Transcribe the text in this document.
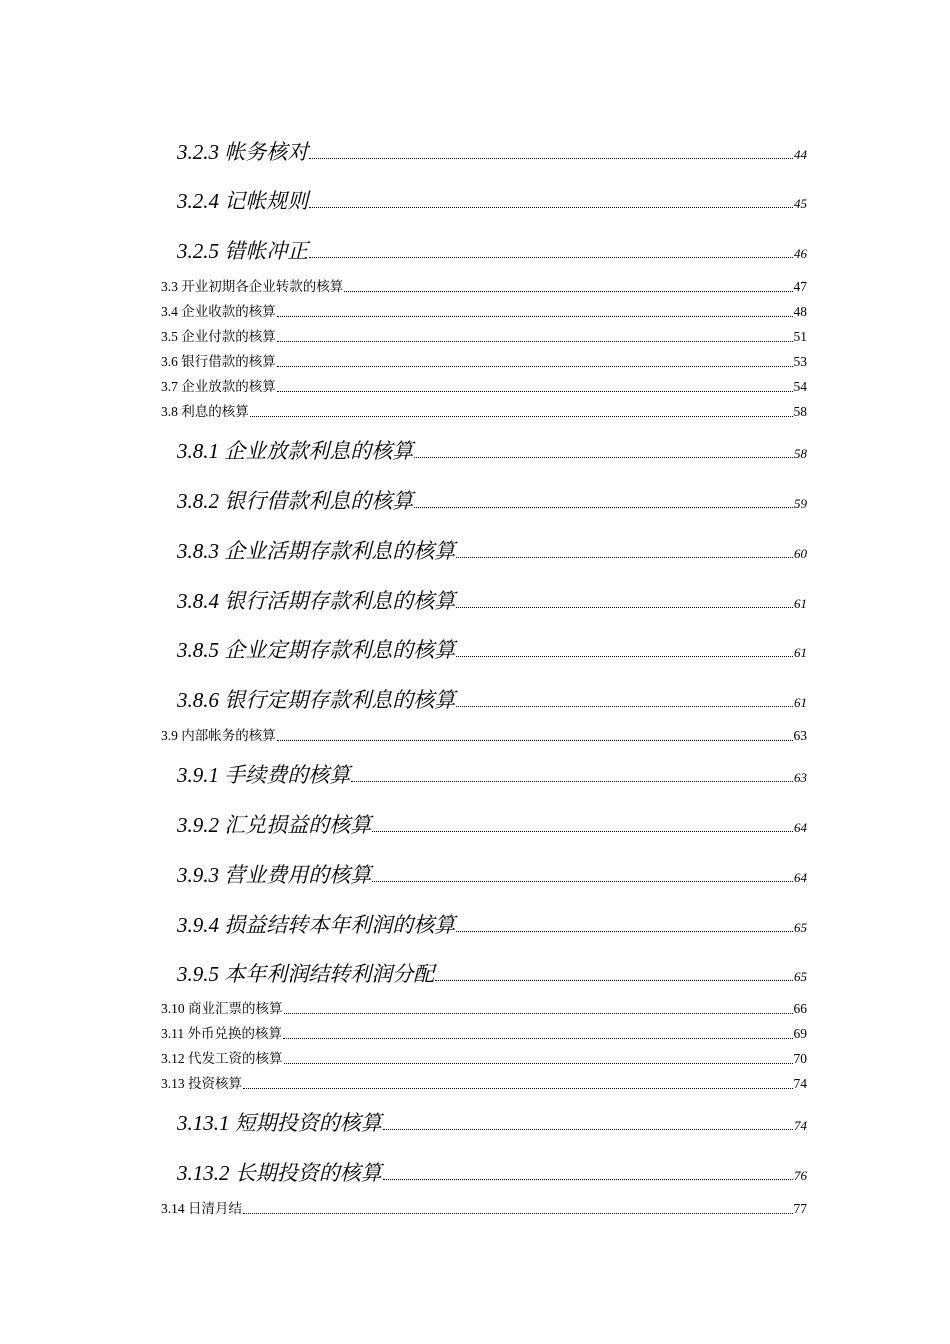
3.2.3 帐务核对	44
3.2.4 记帐规则	45
3.2.5 错帐冲正	46
3.3 开业初期各企业转款的核算	47
3.4 企业收款的核算	48
3.5 企业付款的核算	51
3.6 银行借款的核算	53
3.7 企业放款的核算	54
3.8 利息的核算	58
3.8.1 企业放款利息的核算	58
3.8.2 银行借款利息的核算	59
3.8.3 企业活期存款利息的核算	60
3.8.4 银行活期存款利息的核算	61
3.8.5 企业定期存款利息的核算	61
3.8.6 银行定期存款利息的核算	61
3.9 内部帐务的核算	63
3.9.1 手续费的核算	63
3.9.2 汇兑损益的核算	64
3.9.3 营业费用的核算	64
3.9.4 损益结转本年利润的核算	65
3.9.5 本年利润结转利润分配	65
3.10 商业汇票的核算	66
3.11 外币兑换的核算	69
3.12 代发工资的核算	70
3.13 投资核算	74
3.13.1 短期投资的核算	74
3.13.2 长期投资的核算	76
3.14 日清月结	77
